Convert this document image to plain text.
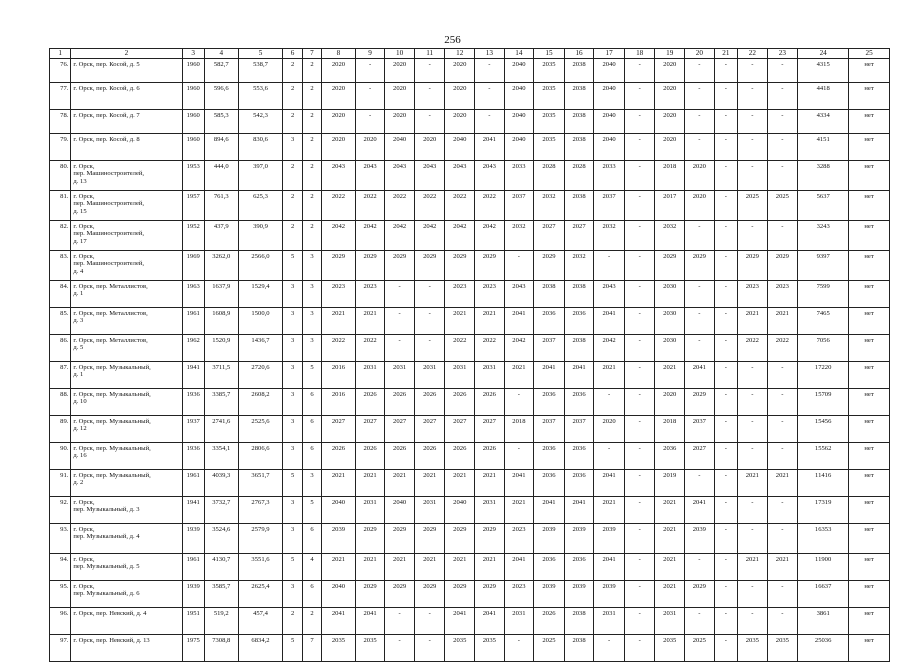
256
1	2	3	4	5	6	7	8	9	10	11	12	13	14	15	16	17	18	19	20	21	22	23	24	25
76.	г. Орск, пер. Косой, д. 5	1960	582,7	538,7	2	2	2020	-	2020	-	2020	-	2040	2035	2038	2040	-	2020	-	-	-	-	4315	нет
77.	г. Орск, пер. Косой, д. 6	1960	596,6	553,6	2	2	2020	-	2020	-	2020	-	2040	2035	2038	2040	-	2020	-	-	-	-	4418	нет
78.	г. Орск, пер. Косой, д. 7	1960	585,3	542,3	2	2	2020	-	2020	-	2020	-	2040	2035	2038	2040	-	2020	-	-	-	-	4334	нет
79.	г. Орск, пер. Косой, д. 8	1960	894,6	830,6	3	2	2020	2020	2040	2020	2040	2041	2040	2035	2038	2040	-	2020	-	-	-	-	4151	нет
80.	г. Орск,
пер. Машиностроителей,
д. 13	1953	444,0	397,0	2	2	2043	2043	2043	2043	2043	2043	2033	2028	2028	2033	-	2018	2020	-	-	-	3288	нет
81.	г. Орск,
пер. Машиностроителей,
д. 15	1957	761,3	625,3	2	2	2022	2022	2022	2022	2022	2022	2037	2032	2038	2037	-	2017	2020	-	2025	2025	5637	нет
82.	г. Орск,
пер. Машиностроителей,
д. 17	1952	437,9	390,9	2	2	2042	2042	2042	2042	2042	2042	2032	2027	2027	2032	-	2032	-	-	-	-	3243	нет
83.	г. Орск,
пер. Машиностроителей,
д. 4	1969	3262,0	2566,0	5	3	2029	2029	2029	2029	2029	2029	-	2029	2032	-	-	2029	2029	-	2029	2029	9397	нет
84.	г. Орск, пер. Металлистов,
д. 1	1963	1637,9	1529,4	3	3	2023	2023	-	-	2023	2023	2043	2038	2038	2043	-	2030	-	-	2023	2023	7599	нет
85.	г. Орск, пер. Металлистов,
д. 3	1961	1608,9	1500,0	3	3	2021	2021	-	-	2021	2021	2041	2036	2036	2041	-	2030	-	-	2021	2021	7465	нет
86.	г. Орск, пер. Металлистов,
д. 5	1962	1520,9	1436,7	3	3	2022	2022	-	-	2022	2022	2042	2037	2038	2042	-	2030	-	-	2022	2022	7056	нет
87.	г. Орск, пер. Музыкальный,
д. 1	1941	3711,5	2720,6	3	5	2016	2031	2031	2031	2031	2031	2021	2041	2041	2021	-	2021	2041	-	-	-	17220	нет
88.	г. Орск, пер. Музыкальный,
д. 10	1936	3385,7	2608,2	3	6	2016	2026	2026	2026	2026	2026	-	2036	2036	-	-	2020	2029	-	-	-	15709	нет
89.	г. Орск, пер. Музыкальный,
д. 12	1937	2741,6	2525,6	3	6	2027	2027	2027	2027	2027	2027	2018	2037	2037	2020	-	2018	2037	-	-	-	15456	нет
90.	г. Орск, пер. Музыкальный,
д. 16	1936	3354,1	2806,6	3	6	2026	2026	2026	2026	2026	2026	-	2036	2036	-	-	2036	2027	-	-	-	15562	нет
91.	г. Орск, пер. Музыкальный,
д. 2	1961	4039,3	3651,7	5	3	2021	2021	2021	2021	2021	2021	2041	2036	2036	2041	-	2019	-	-	2021	2021	11416	нет
92.	г. Орск,
пер. Музыкальный, д. 3	1941	3732,7	2767,3	3	5	2040	2031	2040	2031	2040	2031	2021	2041	2041	2021	-	2021	2041	-	-	-	17319	нет
93.	г. Орск,
пер. Музыкальный, д. 4	1939	3524,6	2579,9	3	6	2039	2029	2029	2029	2029	2029	2023	2039	2039	2039	-	2021	2039	-	-	-	16353	нет
94.	г. Орск,
пер. Музыкальный, д. 5	1961	4130,7	3551,6	5	4	2021	2021	2021	2021	2021	2021	2041	2036	2036	2041	-	2021	-	-	2021	2021	11900	нет
95.	г. Орск,
пер. Музыкальный, д. 6	1939	3585,7	2625,4	3	6	2040	2029	2029	2029	2029	2029	2023	2039	2039	2039	-	2021	2029	-	-	-	16637	нет
96.	г. Орск, пер. Невский, д. 4	1951	519,2	457,4	2	2	2041	2041	-	-	2041	2041	2031	2026	2038	2031	-	2031	-	-	-	-	3861	нет
97.	г. Орск, пер. Невский, д. 13	1975	7308,8	6834,2	5	7	2035	2035	-	-	2035	2035	-	2025	2038	-	-	2035	2025	-	2035	2035	25036	нет
